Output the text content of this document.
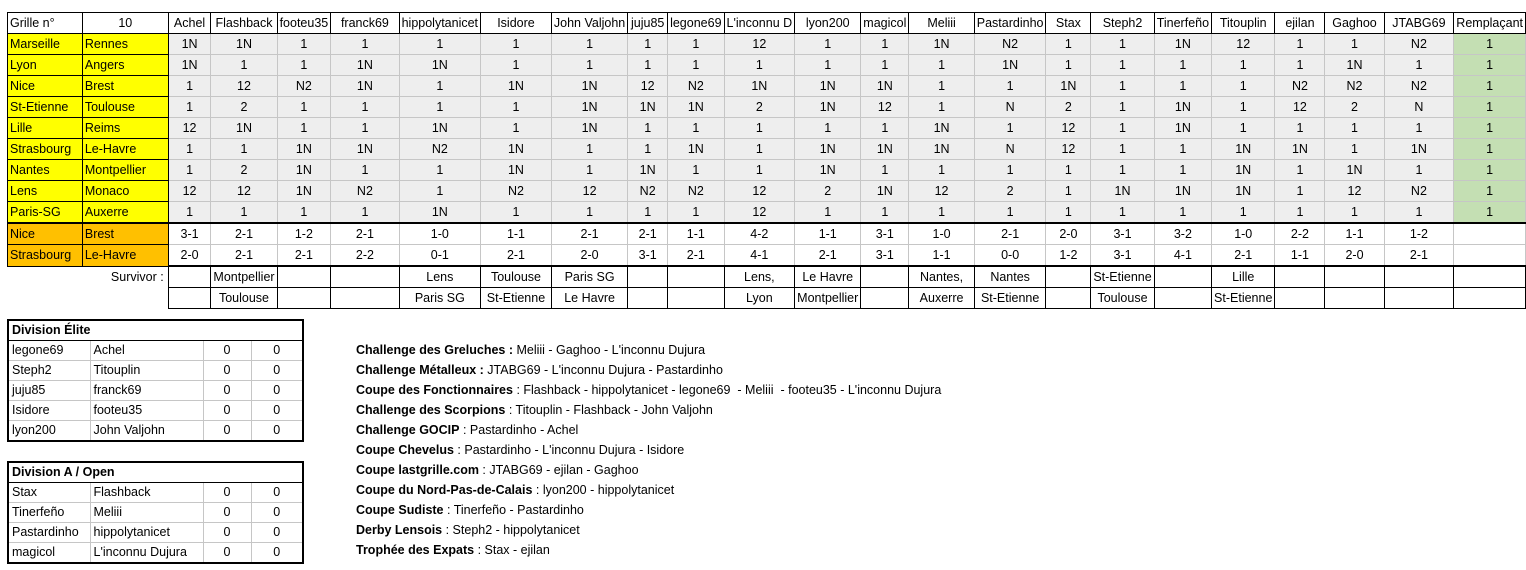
Grille n°	10	Achel	Flashback	footeu35	franck69	hippolytanicet	Isidore	John Valjohn	juju85	legone69	L'inconnu D	lyon200	magicol	Meliii	Pastardinho	Stax	Steph2	Tinerfeño	Titouplin	ejilan	Gaghoo	JTABG69	Remplaçant
Marseille	Rennes	1N	1N	1	1	1	1	1	1	1	12	1	1	1N	N2	1	1	1N	12	1	1	N2	1
Lyon	Angers	1N	1	1	1N	1N	1	1	1	1	1	1	1	1	1N	1	1	1	1	1	1N	1	1
Nice	Brest	1	12	N2	1N	1	1N	1N	12	N2	1N	1N	1N	1	1	1N	1	1	1	N2	N2	N2	1
St-Etienne	Toulouse	1	2	1	1	1	1	1N	1N	1N	2	1N	12	1	N	2	1	1N	1	12	2	N	1
Lille	Reims	12	1N	1	1	1N	1	1N	1	1	1	1	1	1N	1	12	1	1N	1	1	1	1	1
Strasbourg	Le-Havre	1	1	1N	1N	N2	1N	1	1	1N	1	1N	1N	1N	N	12	1	1	1N	1N	1	1N	1
Nantes	Montpellier	1	2	1N	1	1	1N	1	1N	1	1	1N	1	1	1	1	1	1	1N	1	1N	1	1
Lens	Monaco	12	12	1N	N2	1	N2	12	N2	N2	12	2	1N	12	2	1	1N	1N	1N	1	12	N2	1
Paris-SG	Auxerre	1	1	1	1	1N	1	1	1	1	12	1	1	1	1	1	1	1	1	1	1	1	1
Nice	Brest	3-1	2-1	1-2	2-1	1-0	1-1	2-1	2-1	1-1	4-2	1-1	3-1	1-0	2-1	2-0	3-1	3-2	1-0	2-2	1-1	1-2	
Strasbourg	Le-Havre	2-0	2-1	2-1	2-2	0-1	2-1	2-0	3-1	2-1	4-1	2-1	3-1	1-1	0-0	1-2	3-1	4-1	2-1	1-1	2-0	2-1	
	Survivor :		Montpellier			Lens	Toulouse	Paris SG			Lens,	Le Havre		Nantes,	Nantes		St-Etienne		Lille				
			Toulouse			Paris SG	St-Etienne	Le Havre			Lyon	Montpellier		Auxerre	St-Etienne		Toulouse		St-Etienne				
Division Élite			
legone69	Achel	0	0
Steph2	Titouplin	0	0
juju85	franck69	0	0
Isidore	footeu35	0	0
lyon200	John Valjohn	0	0
Division A / Open			
Stax	Flashback	0	0
Tinerfeño	Meliii	0	0
Pastardinho	hippolytanicet	0	0
magicol	L'inconnu Dujura	0	0
Challenge des Greluches : Meliii - Gaghoo - L'inconnu Dujura
Challenge Métalleux : JTABG69 - L'inconnu Dujura - Pastardinho
Coupe des Fonctionnaires : Flashback - hippolytanicet - legone69  - Meliii  - footeu35 - L'inconnu Dujura
Challenge des Scorpions : Titouplin - Flashback - John Valjohn
Challenge GOCIP : Pastardinho - Achel
Coupe Chevelus : Pastardinho - L'inconnu Dujura - Isidore
Coupe lastgrille.com : JTABG69 - ejilan - Gaghoo
Coupe du Nord-Pas-de-Calais : lyon200 - hippolytanicet
Coupe Sudiste : Tinerfeño - Pastardinho
Derby Lensois : Steph2 - hippolytanicet
Trophée des Expats : Stax - ejilan
